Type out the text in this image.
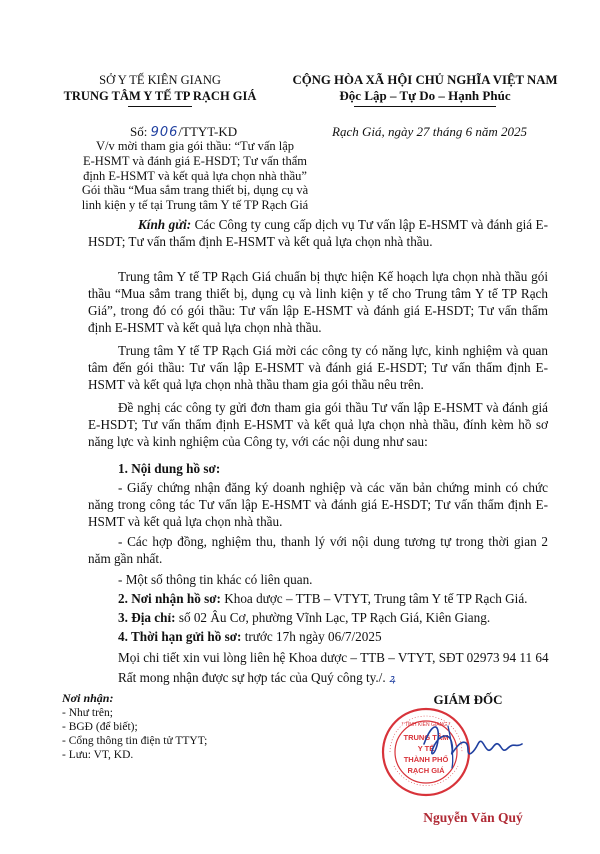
SỞ Y TẾ KIÊN GIANG
TRUNG TÂM Y TẾ TP RẠCH GIÁ
CỘNG HÒA XÃ HỘI CHỦ NGHĨA VIỆT NAM
Độc Lập – Tự Do – Hạnh Phúc
Số: 906/TTYT-KD	Rạch Giá, ngày 27 tháng 6 năm 2025
V/v mời tham gia gói thầu: “Tư vấn lập
E-HSMT và đánh giá E-HSDT; Tư vấn thẩm
định E-HSMT và kết quả lựa chọn nhà thầu”
Gói thầu “Mua sắm trang thiết bị, dụng cụ và
linh kiện y tế tại Trung tâm Y tế TP Rạch Giá
Kính gửi: Các Công ty cung cấp dịch vụ Tư vấn lập E-HSMT và đánh giá E-HSDT; Tư vấn thẩm định E-HSMT và kết quả lựa chọn nhà thầu.
Trung tâm Y tế TP Rạch Giá chuẩn bị thực hiện Kế hoạch lựa chọn nhà thầu gói thầu “Mua sắm trang thiết bị, dụng cụ và linh kiện y tế cho Trung tâm Y tế TP Rạch Giá”, trong đó có gói thầu: Tư vấn lập E-HSMT và đánh giá E-HSDT; Tư vấn thẩm định E-HSMT và kết quả lựa chọn nhà thầu.
Trung tâm Y tế TP Rạch Giá mời các công ty có năng lực, kinh nghiệm và quan tâm đến gói thầu: Tư vấn lập E-HSMT và đánh giá E-HSDT; Tư vấn thẩm định E-HSMT và kết quả lựa chọn nhà thầu tham gia gói thầu nêu trên.
Đề nghị các công ty gửi đơn tham gia gói thầu Tư vấn lập E-HSMT và đánh giá E-HSDT; Tư vấn thẩm định E-HSMT và kết quả lựa chọn nhà thầu, đính kèm hồ sơ năng lực và kinh nghiệm của Công ty, với các nội dung như sau:
1. Nội dung hồ sơ:
- Giấy chứng nhận đăng ký doanh nghiệp và các văn bản chứng minh có chức năng trong công tác Tư vấn lập E-HSMT và đánh giá E-HSDT; Tư vấn thẩm định E-HSMT và kết quả lựa chọn nhà thầu.
- Các hợp đồng, nghiệm thu, thanh lý với nội dung tương tự trong thời gian 2 năm gần nhất.
- Một số thông tin khác có liên quan.
2. Nơi nhận hồ sơ: Khoa dược – TTB – VTYT, Trung tâm Y tế TP Rạch Giá.
3. Địa chỉ: số 02 Âu Cơ, phường Vĩnh Lạc, TP Rạch Giá, Kiên Giang.
4. Thời hạn gửi hồ sơ: trước 17h ngày 06/7/2025
Mọi chi tiết xin vui lòng liên hệ Khoa dược – TTB – VTYT, SĐT 02973 94 11 64
Rất mong nhận được sự hợp tác của Quý công ty./. ꝝ
Nơi nhận:
- Như trên;
- BGĐ (để biết);
- Cổng thông tin điện tử TTYT;
- Lưu: VT, KD.
GIÁM ĐỐC
TRUNG TÂM
Y TẾ
THÀNH PHỐ
RẠCH GIÁ
* TỈNH KIÊN GIANG *
Nguyễn Văn Quý
